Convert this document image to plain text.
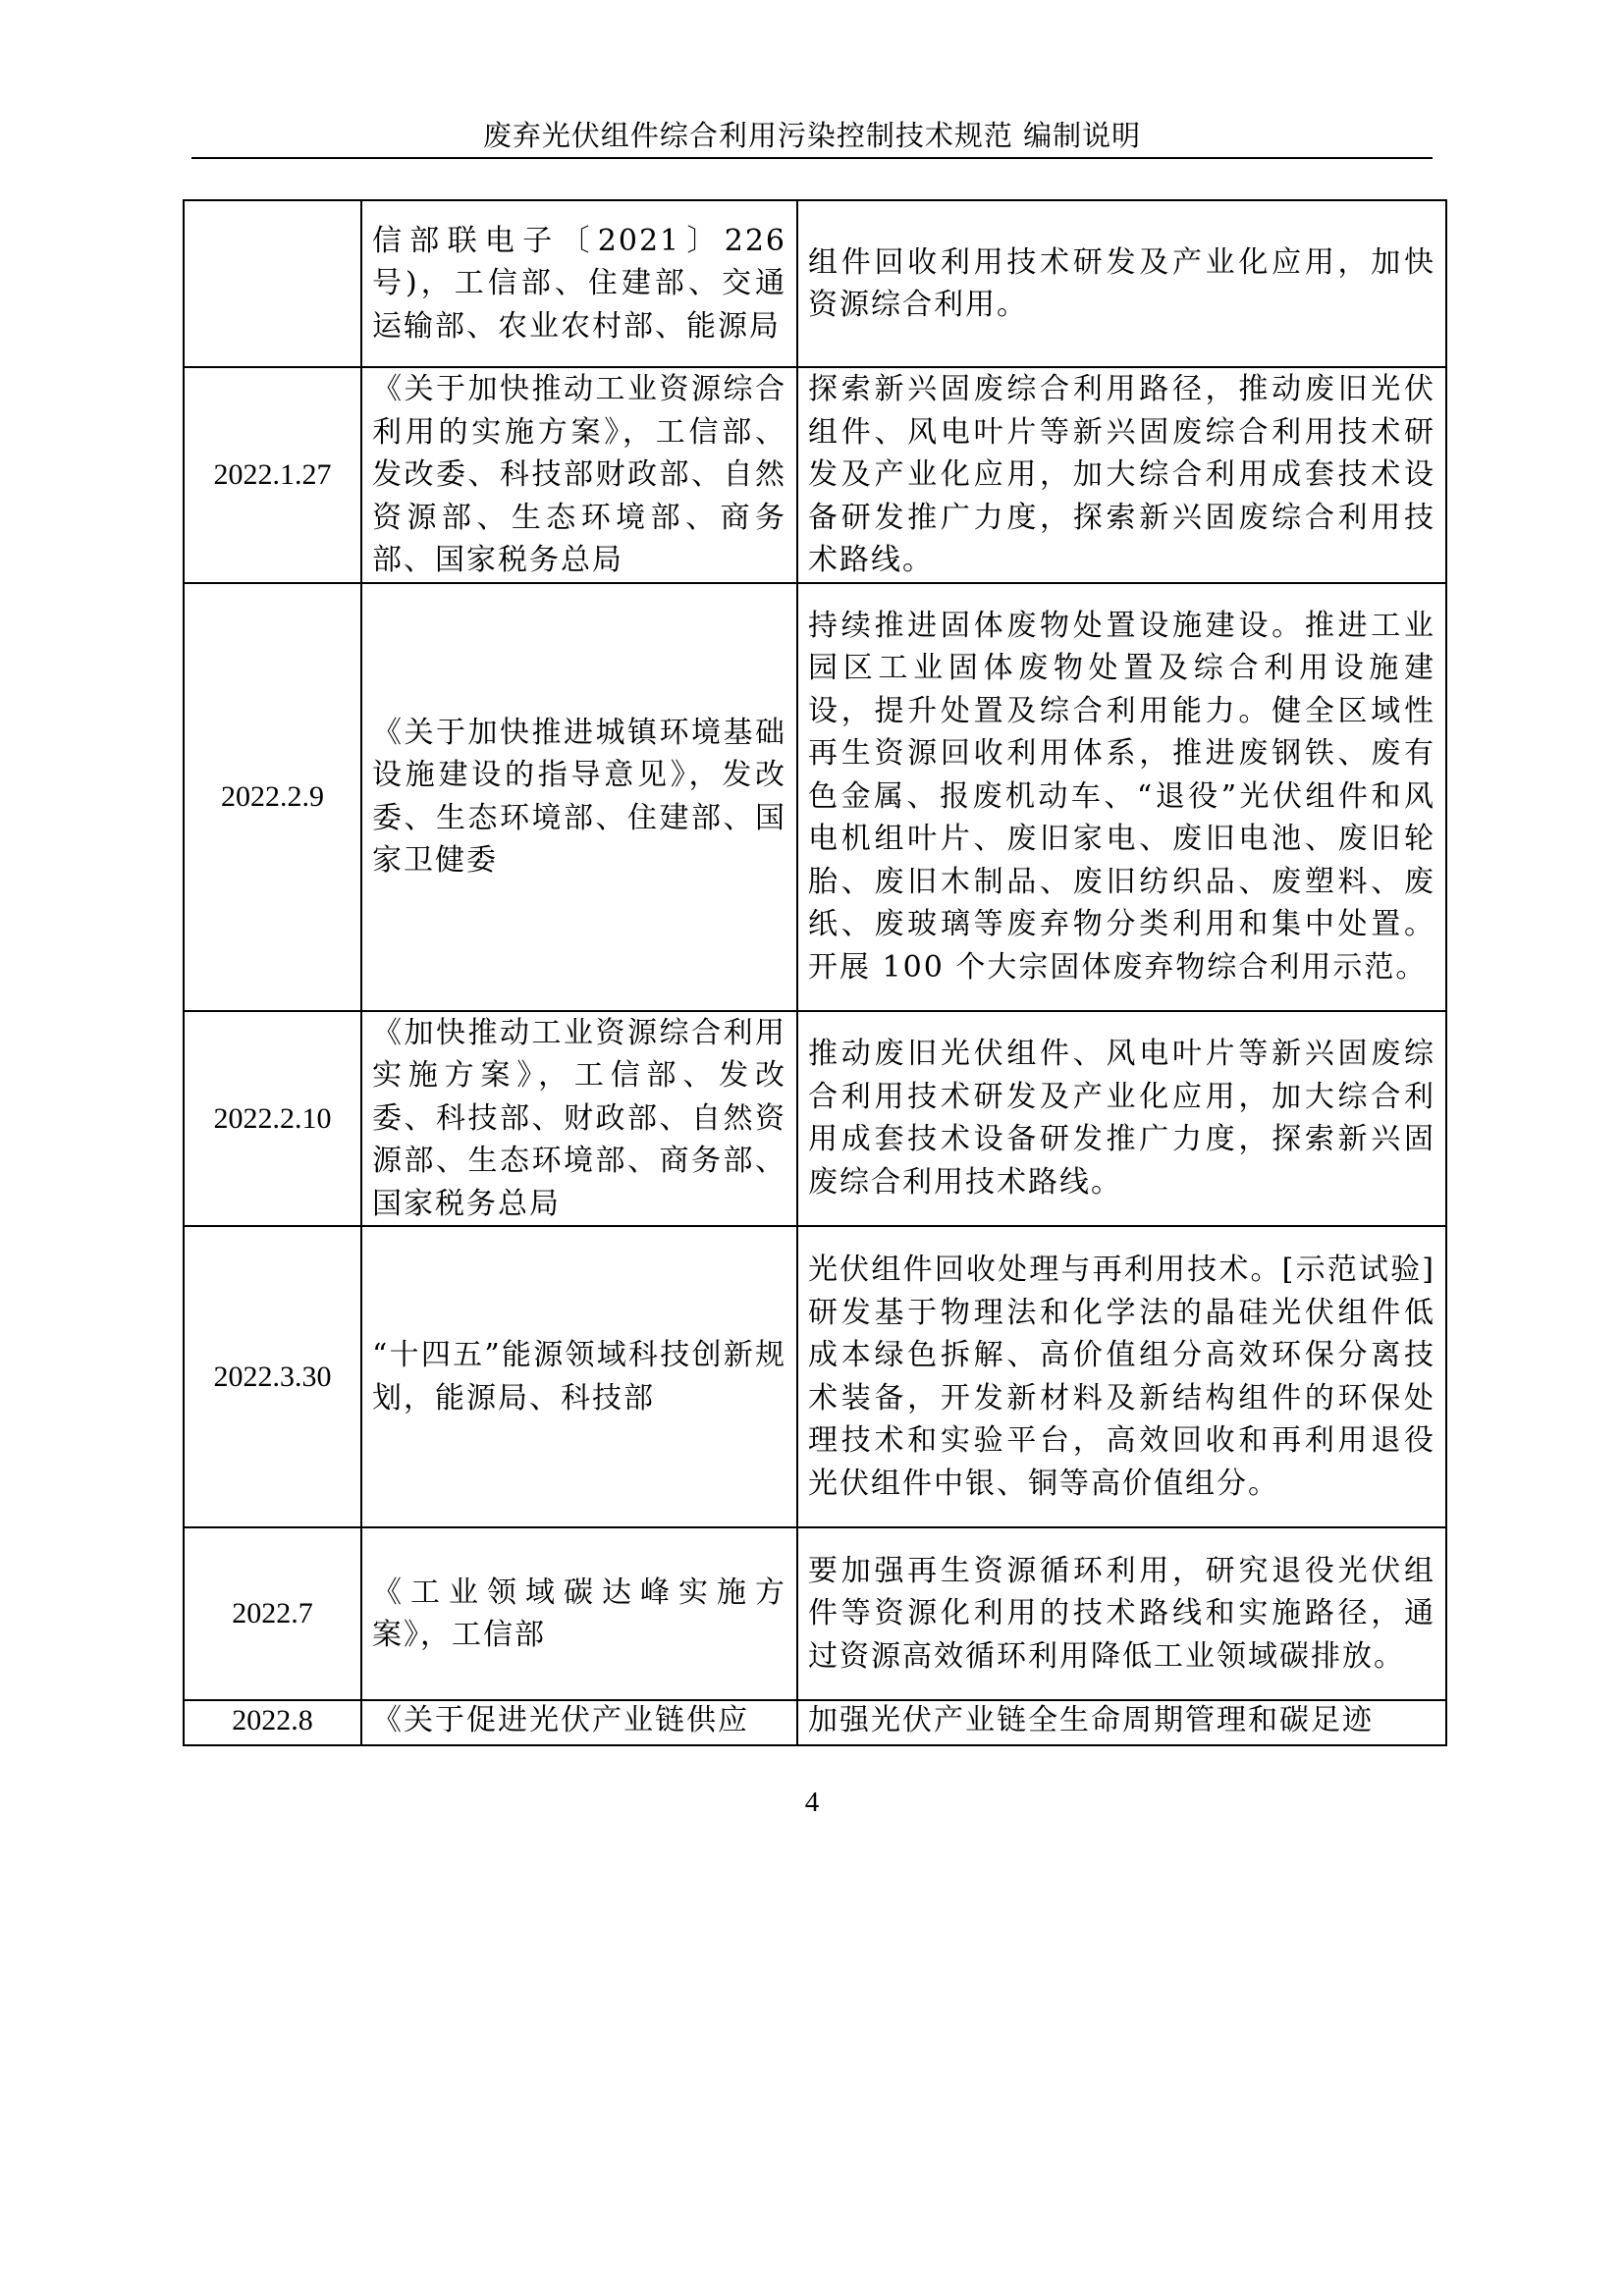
废弃光伏组件综合利用污染控制技术规范 编制说明
	信部联电子〔2021〕226号)，工信部、住建部、交通运输部、农业农村部、能源局	组件回收利用技术研发及产业化应用，加快资源综合利用。
2022.1.27	《关于加快推动工业资源综合利用的实施方案》，工信部、发改委、科技部财政部、自然资源部、生态环境部、商务部、国家税务总局	探索新兴固废综合利用路径，推动废旧光伏组件、风电叶片等新兴固废综合利用技术研发及产业化应用，加大综合利用成套技术设备研发推广力度，探索新兴固废综合利用技术路线。
2022.2.9	《关于加快推进城镇环境基础设施建设的指导意见》，发改委、生态环境部、住建部、国家卫健委	持续推进固体废物处置设施建设。推进工业园区工业固体废物处置及综合利用设施建设，提升处置及综合利用能力。健全区域性再生资源回收利用体系，推进废钢铁、废有色金属、报废机动车、“退役”光伏组件和风电机组叶片、废旧家电、废旧电池、废旧轮胎、废旧木制品、废旧纺织品、废塑料、废纸、废玻璃等废弃物分类利用和集中处置。开展 100 个大宗固体废弃物综合利用示范。
2022.2.10	《加快推动工业资源综合利用实施方案》，工信部、发改委、科技部、财政部、自然资源部、生态环境部、商务部、国家税务总局	推动废旧光伏组件、风电叶片等新兴固废综合利用技术研发及产业化应用，加大综合利用成套技术设备研发推广力度，探索新兴固废综合利用技术路线。
2022.3.30	“十四五”能源领域科技创新规划，能源局、科技部	光伏组件回收处理与再利用技术。[示范试验]研发基于物理法和化学法的晶硅光伏组件低成本绿色拆解、高价值组分高效环保分离技术装备，开发新材料及新结构组件的环保处理技术和实验平台，高效回收和再利用退役光伏组件中银、铜等高价值组分。
2022.7	《工业领域碳达峰实施方案》，工信部	要加强再生资源循环利用，研究退役光伏组件等资源化利用的技术路线和实施路径，通过资源高效循环利用降低工业领域碳排放。
2022.8	《关于促进光伏产业链供应	加强光伏产业链全生命周期管理和碳足迹
4
